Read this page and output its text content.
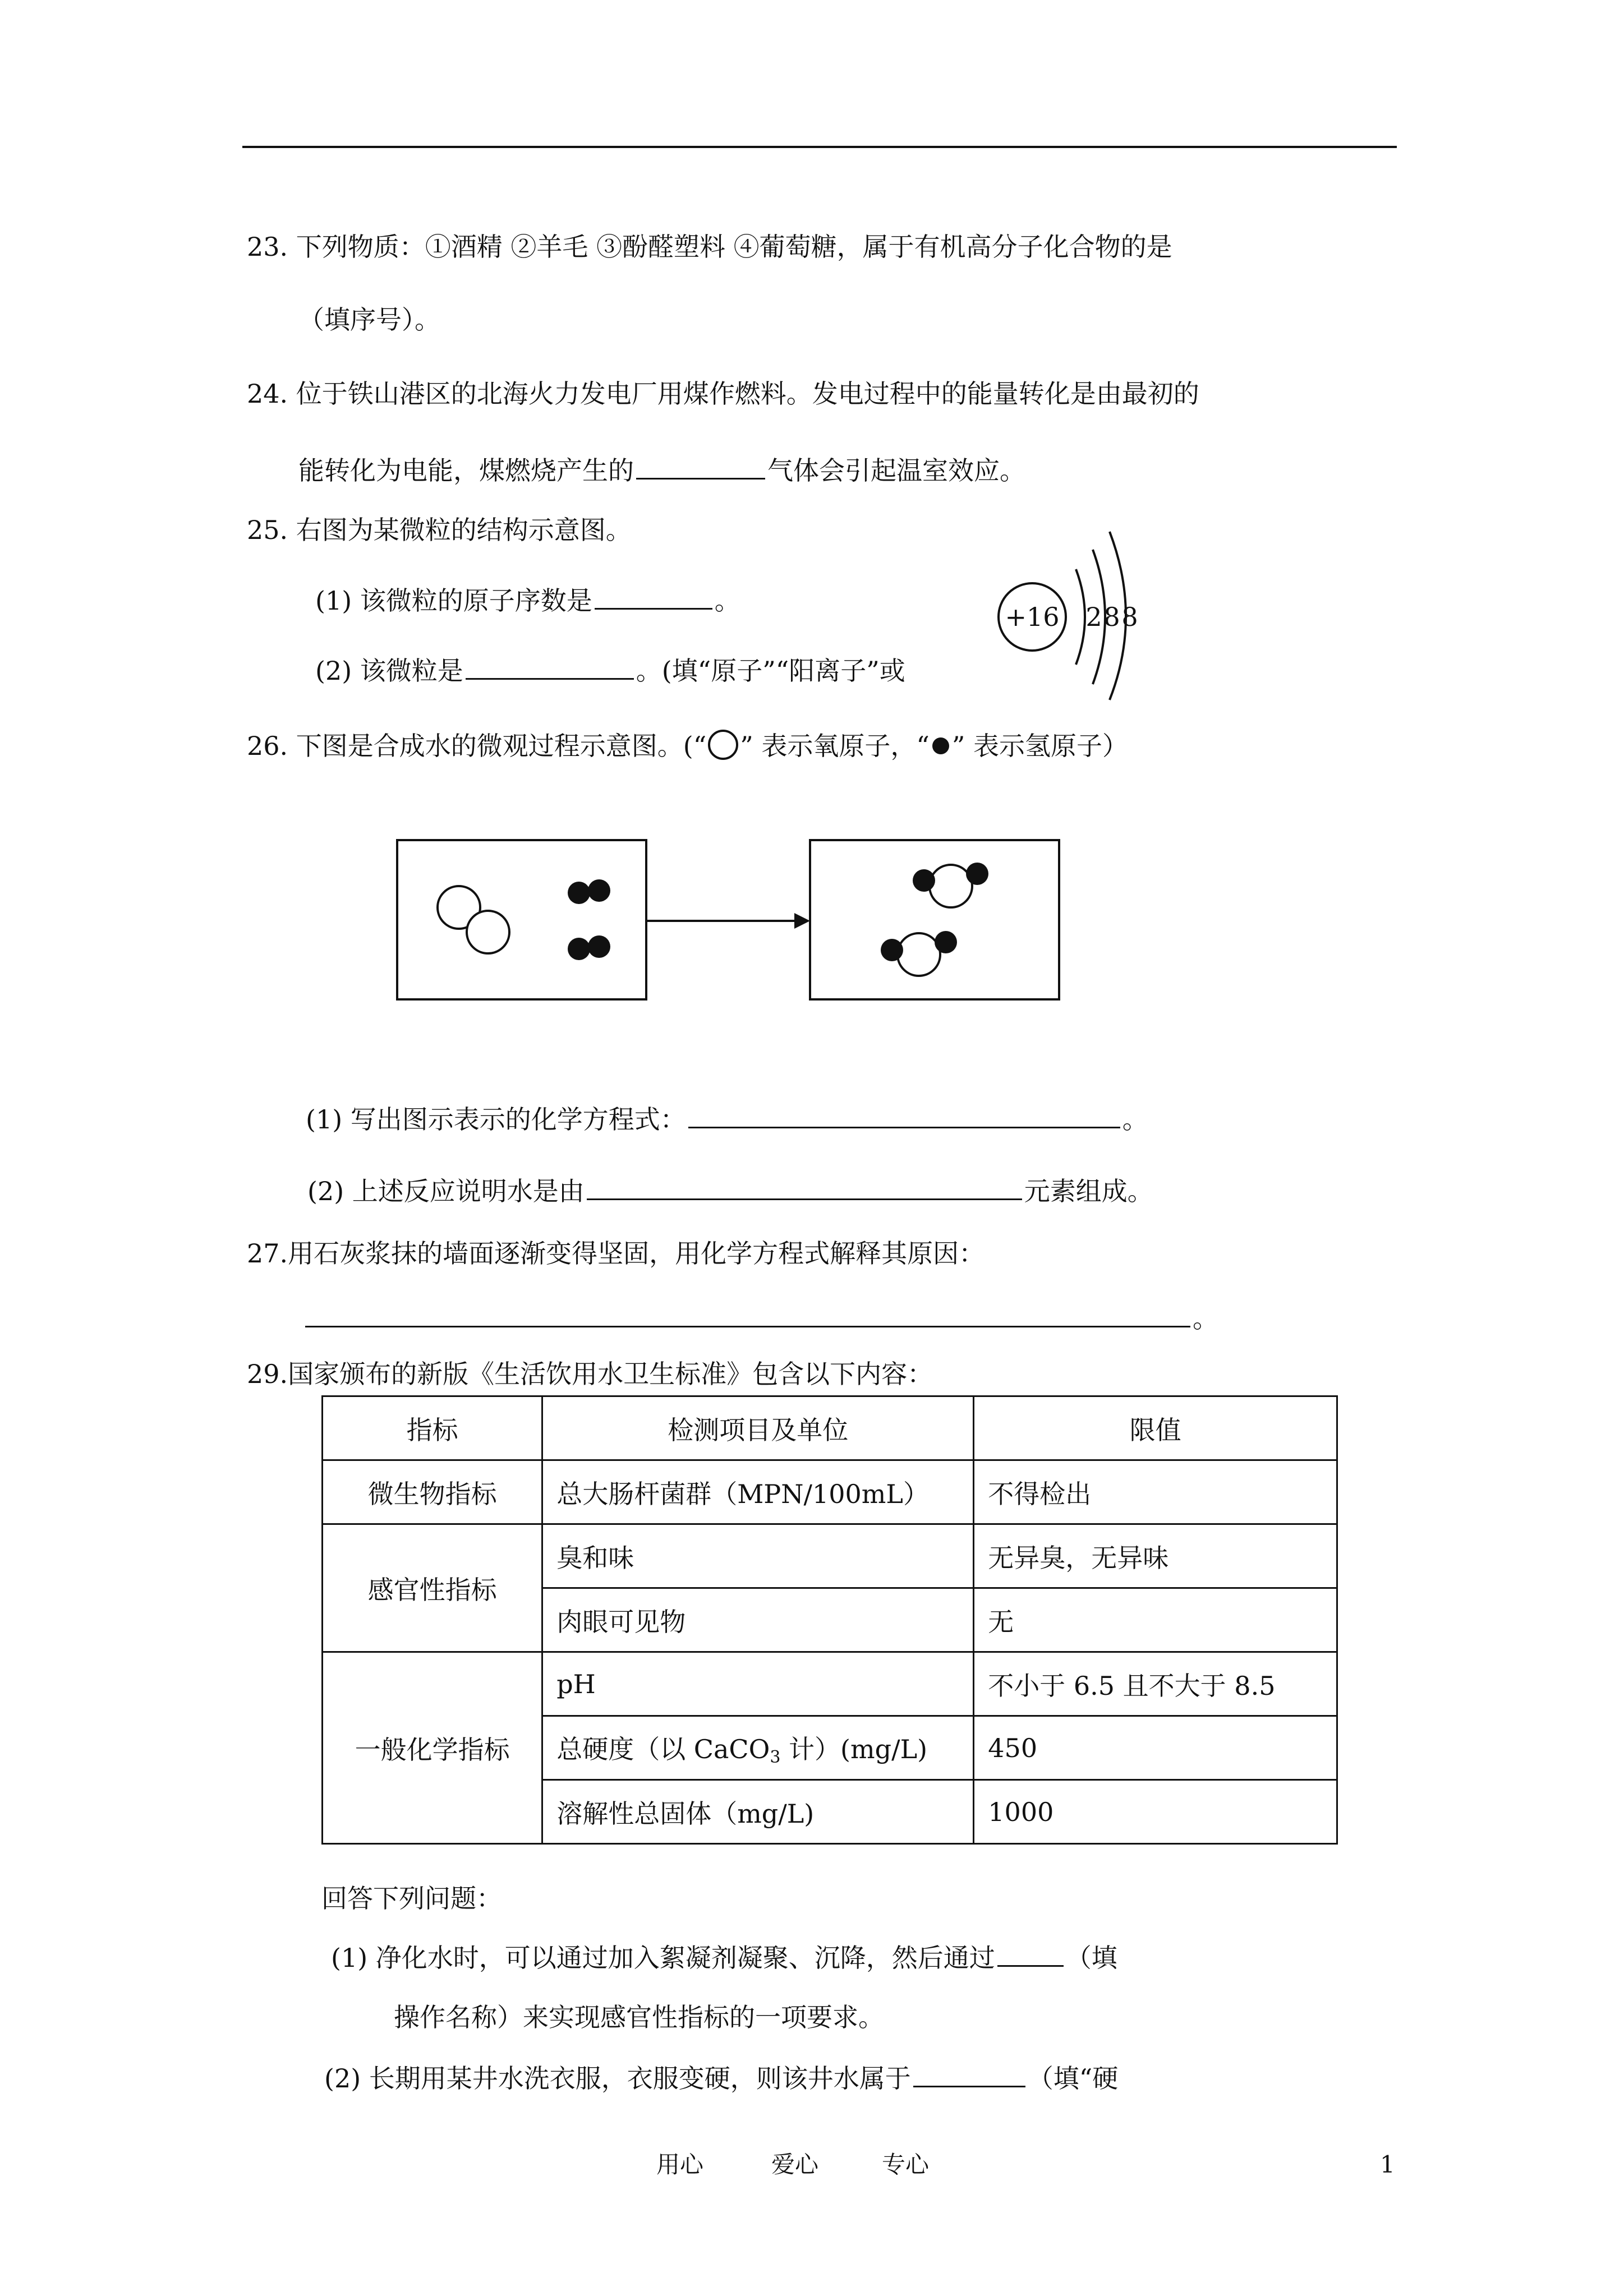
23. 下列物质：①酒精 ②羊毛 ③酚醛塑料 ④葡萄糖，属于有机高分子化合物的是
（填序号）。
24. 位于铁山港区的北海火力发电厂用煤作燃料。发电过程中的能量转化是由最初的
能转化为电能，煤燃烧产生的	气体会引起温室效应。
25. 右图为某微粒的结构示意图。
(1) 该微粒的原子序数是	。
(2) 该微粒是	。(填“原子”“阳离子”或
+16 2 8 8
26. 下图是合成水的微观过程示意图。(“ ” 表示氧原子，“ ” 表示氢原子）
(1) 写出图示表示的化学方程式：	。
(2) 上述反应说明水是由	元素组成。
27.用石灰浆抹的墙面逐渐变得坚固，用化学方程式解释其原因：
。
29.国家颁布的新版《生活饮用水卫生标准》包含以下内容：
指标	检测项目及单位	限值
微生物指标	总大肠杆菌群（MPN/100mL）	不得检出
感官性指标	臭和味	无异臭，无异味
	肉眼可见物	无
一般化学指标	pH	不小于 6.5 且不大于 8.5
	总硬度（以 CaCO$_3$ 计）(mg/L)	450
	溶解性总固体（mg/L)	1000
回答下列问题：
(1) 净化水时，可以通过加入絮凝剂凝聚、沉降，然后通过	（填
操作名称）来实现感官性指标的一项要求。
(2) 长期用某井水洗衣服，衣服变硬，则该井水属于	（填“硬
用心	爱心	专心	1
